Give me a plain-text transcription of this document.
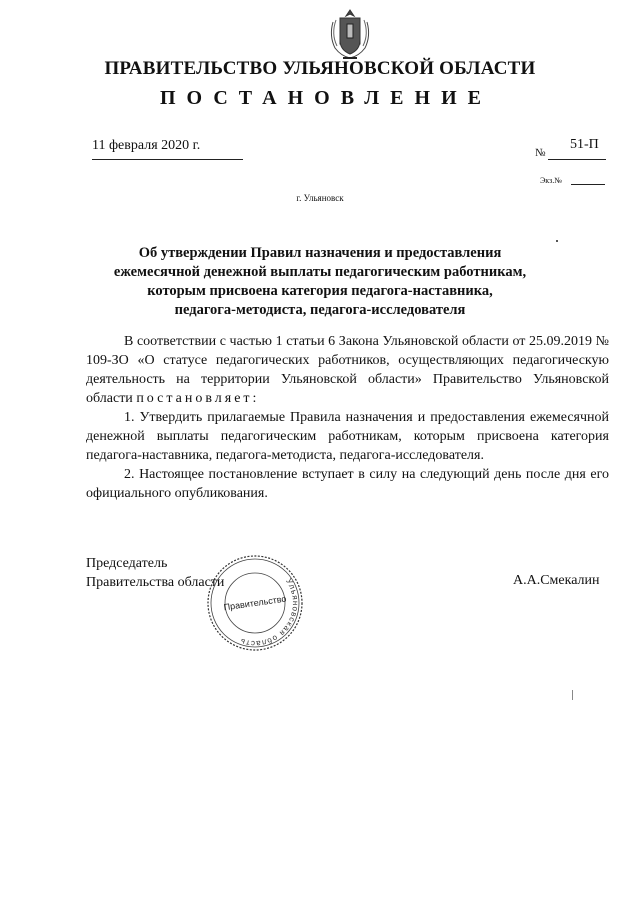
ПРАВИТЕЛЬСТВО УЛЬЯНОВСКОЙ ОБЛАСТИ
ПОСТАНОВЛЕНИЕ
11 февраля 2020 г.	№
51-П
Экз.№
г. Ульяновск
Об утверждении Правил назначения и предоставления
ежемесячной денежной выплаты педагогическим работникам,
которым присвоена категория педагога-наставника,
педагога-методиста, педагога-исследователя

В соответствии с частью 1 статьи 6 Закона Ульяновской области от 25.09.2019 № 109-ЗО «О статусе педагогических работников, осуществляющих педагогическую деятельность на территории Ульяновской области» Правительство Ульяновской области постановляет:

1. Утвердить прилагаемые Правила назначения и предоставления ежемесячной денежной выплаты педагогическим работникам, которым присвоена категория педагога-наставника, педагога-методиста, педагога-исследователя.

2. Настоящее постановление вступает в силу на следующий день после дня его официального опубликования.

Председатель
Правительства области	Ульяновская область
Правительство
А.А.Смекалин
